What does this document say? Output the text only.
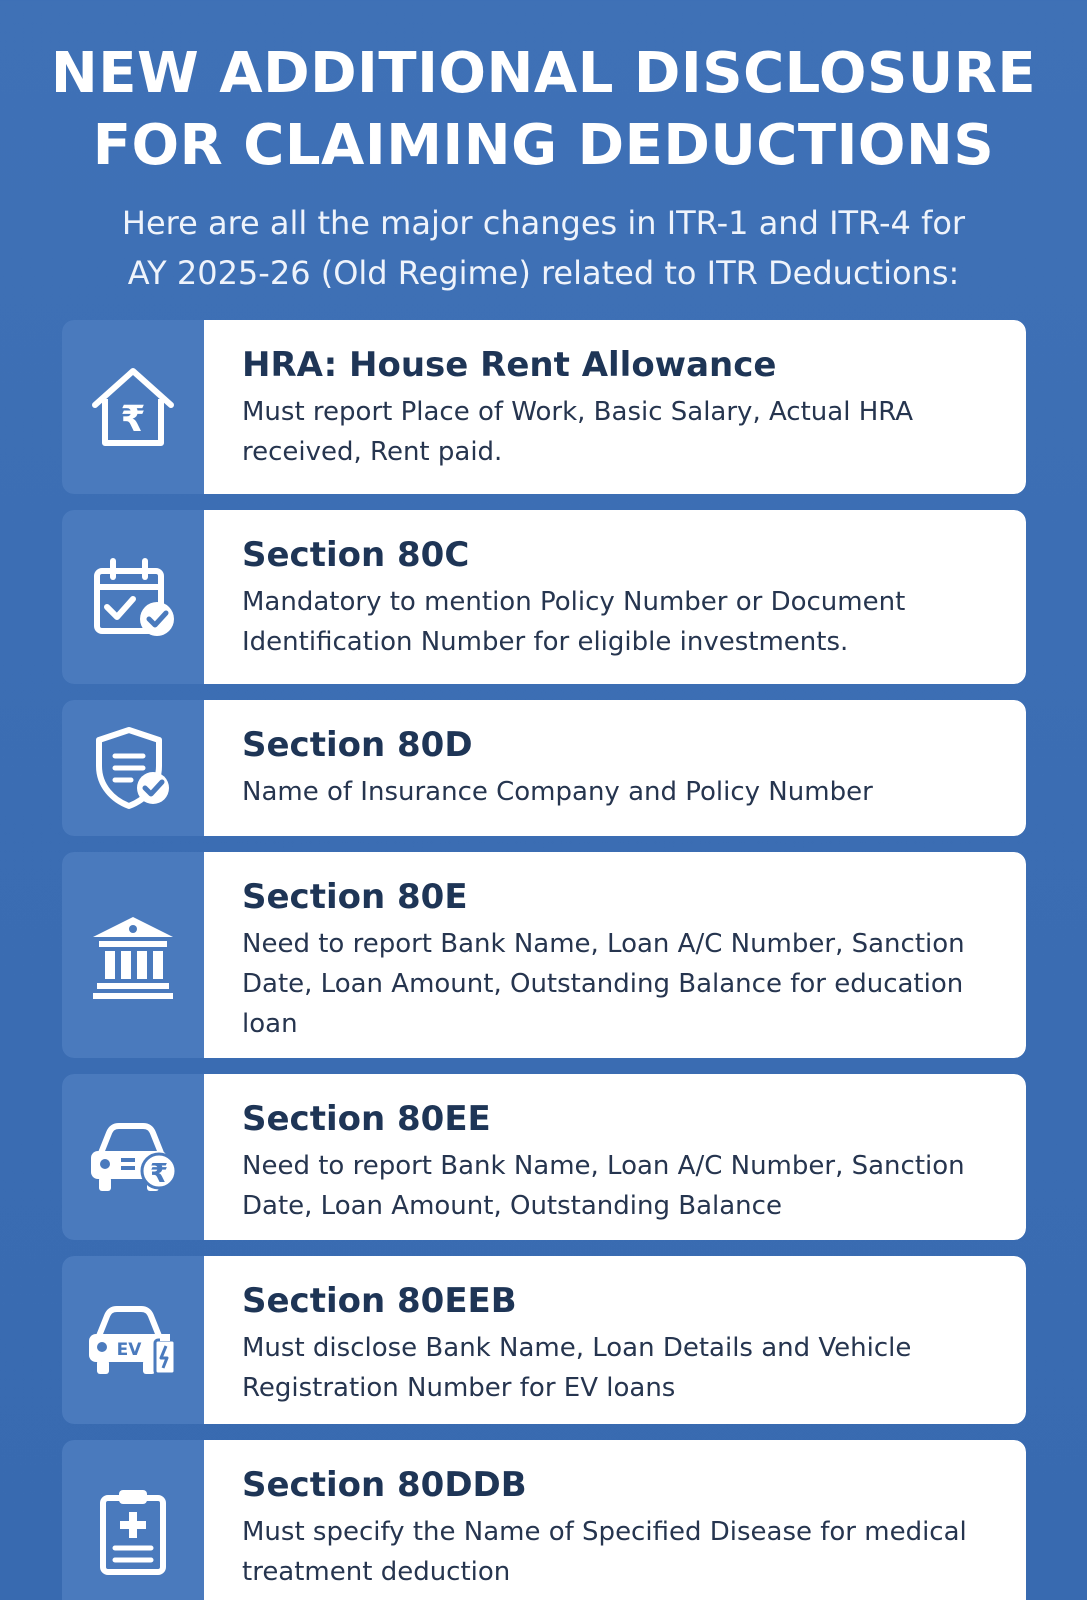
NEW ADDITIONAL DISCLOSURE
FOR CLAIMING DEDUCTIONS
Here are all the major changes in ITR-1 and ITR-4 for
AY 2025-26 (Old Regime) related to ITR Deductions:
₹
HRA: House Rent Allowance
Must report Place of Work, Basic Salary, Actual HRA received, Rent paid.
Section 80C
Mandatory to mention Policy Number or Document Identification Number for eligible investments.
Section 80D
Name of Insurance Company and Policy Number
Section 80E
Need to report Bank Name, Loan A/C Number, Sanction Date, Loan Amount, Outstanding Balance for education loan
₹
Section 80EE
Need to report Bank Name, Loan A/C Number, Sanction Date, Loan Amount, Outstanding Balance
EV
Section 80EEB
Must disclose Bank Name, Loan Details and Vehicle Registration Number for EV loans
Section 80DDB
Must specify the Name of Specified Disease for medical treatment deduction
